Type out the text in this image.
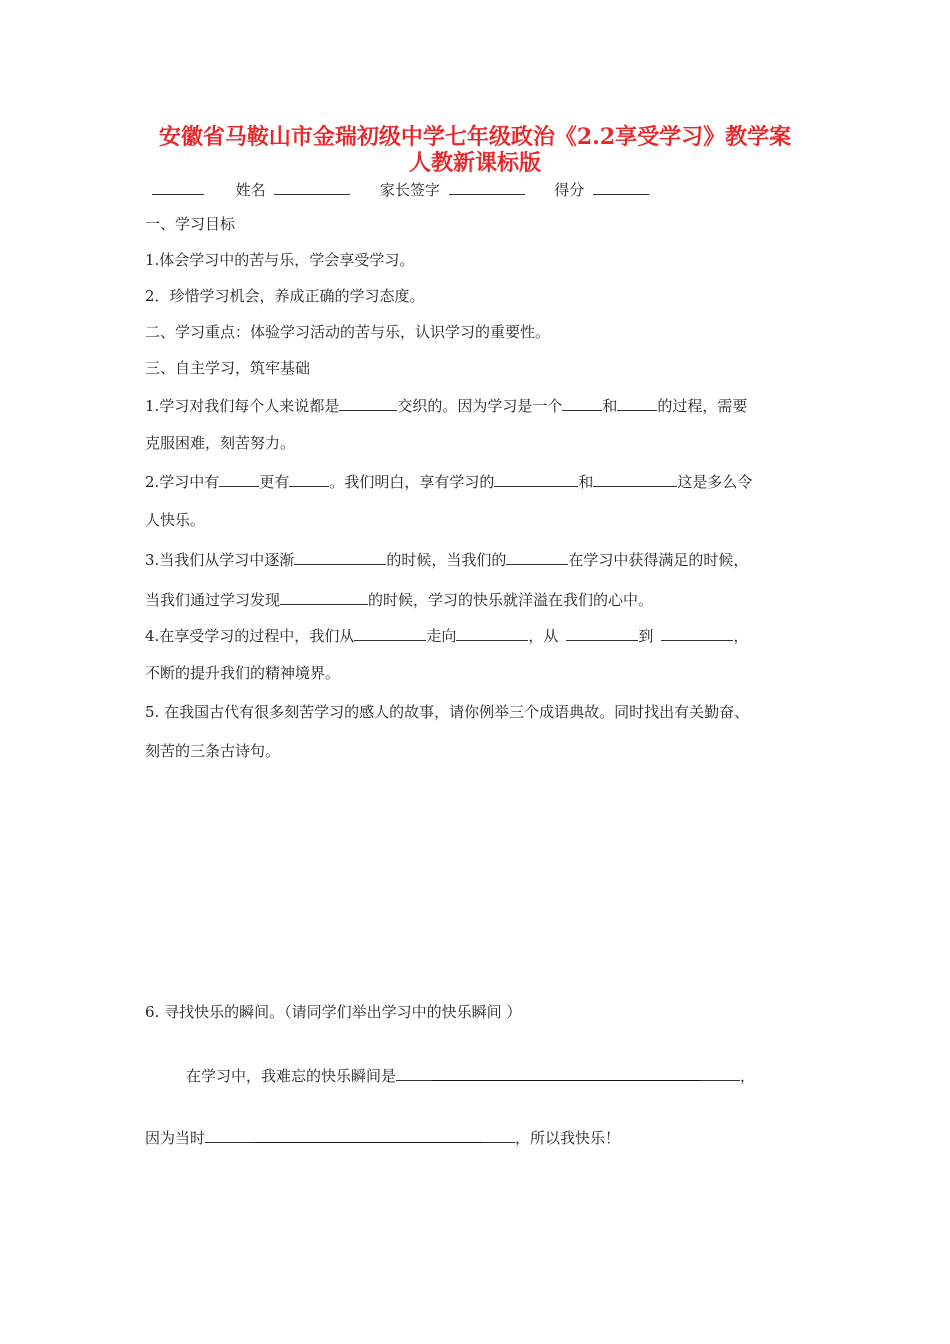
安徽省马鞍山市金瑞初级中学七年级政治《2.2享受学习》教学案
人教新课标版
姓名	家长签字	得分
一、学习目标
1.体会学习中的苦与乐，学会享受学习。
2．珍惜学习机会，养成正确的学习态度。
二、学习重点：体验学习活动的苦与乐，认识学习的重要性。
三、自主学习，筑牢基础
1.学习对我们每个人来说都是	交织的。因为学习是一个	和	的过程，需要
克服困难，刻苦努力。
2.学习中有	更有	。我们明白，享有学习的	和	这是多么令
人快乐。
3.当我们从学习中逐渐	的时候，当我们的	在学习中获得满足的时候，
当我们通过学习发现	的时候，学习的快乐就洋溢在我们的心中。
4.在享受学习的过程中，我们从	走向	，从	到	，
不断的提升我们的精神境界。
5. 在我国古代有很多刻苦学习的感人的故事，请你例举三个成语典故。同时找出有关勤奋、
刻苦的三条古诗句。
6. 寻找快乐的瞬间。（请同学们举出学习中的快乐瞬间 ）
在学习中，我难忘的快乐瞬间是	，
因为当时	，所以我快乐！
